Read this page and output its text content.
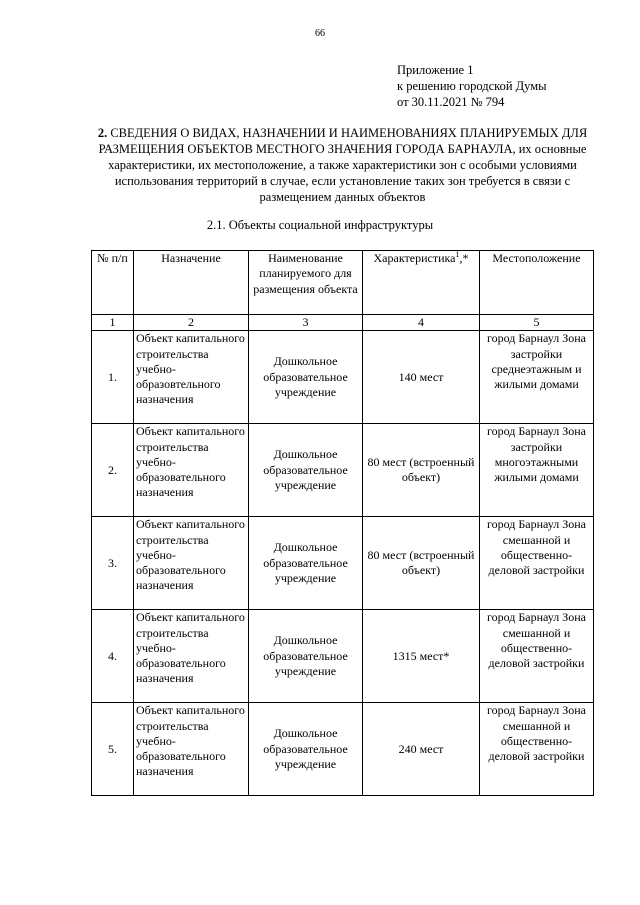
66
Приложение 1
к решению городской Думы
от 30.11.2021 № 794
2. СВЕДЕНИЯ О ВИДАХ, НАЗНАЧЕНИИ И НАИМЕНОВАНИЯХ ПЛАНИРУЕМЫХ ДЛЯ РАЗМЕЩЕНИЯ ОБЪЕКТОВ МЕСТНОГО ЗНАЧЕНИЯ ГОРОДА БАРНАУЛА, их основные характеристики, их местоположение, а также характеристики зон с особыми условиями использования территорий в случае, если установление таких зон требуется в связи с размещением данных объектов
2.1. Объекты социальной инфраструктуры
№ п/п	Назначение	Наименование планируемого для размещения объекта	Характеристика$^1$,*	Местоположение
1	2	3	4	5
1.	Объект капитального строительства учебно-образовтельного назначения	Дошкольное образовательное учреждение	140 мест	город Барнаул Зона застройки среднеэтажным и жилыми домами
2.	Объект капитального строительства учебно-образовательного назначения	Дошкольное образовательное учреждение	80 мест (встроенный объект)	город Барнаул Зона застройки многоэтажными жилыми домами
3.	Объект капитального строительства учебно-образовательного назначения	Дошкольное образовательное учреждение	80 мест (встроенный объект)	город Барнаул Зона смешанной и общественно-деловой застройки
4.	Объект капитального строительства учебно-образовательного назначения	Дошкольное образовательное учреждение	1315 мест*	город Барнаул Зона смешанной и общественно-деловой застройки
5.	Объект капитального строительства учебно-образовательного назначения	Дошкольное образовательное учреждение	240 мест	город Барнаул Зона смешанной и общественно-деловой застройки
